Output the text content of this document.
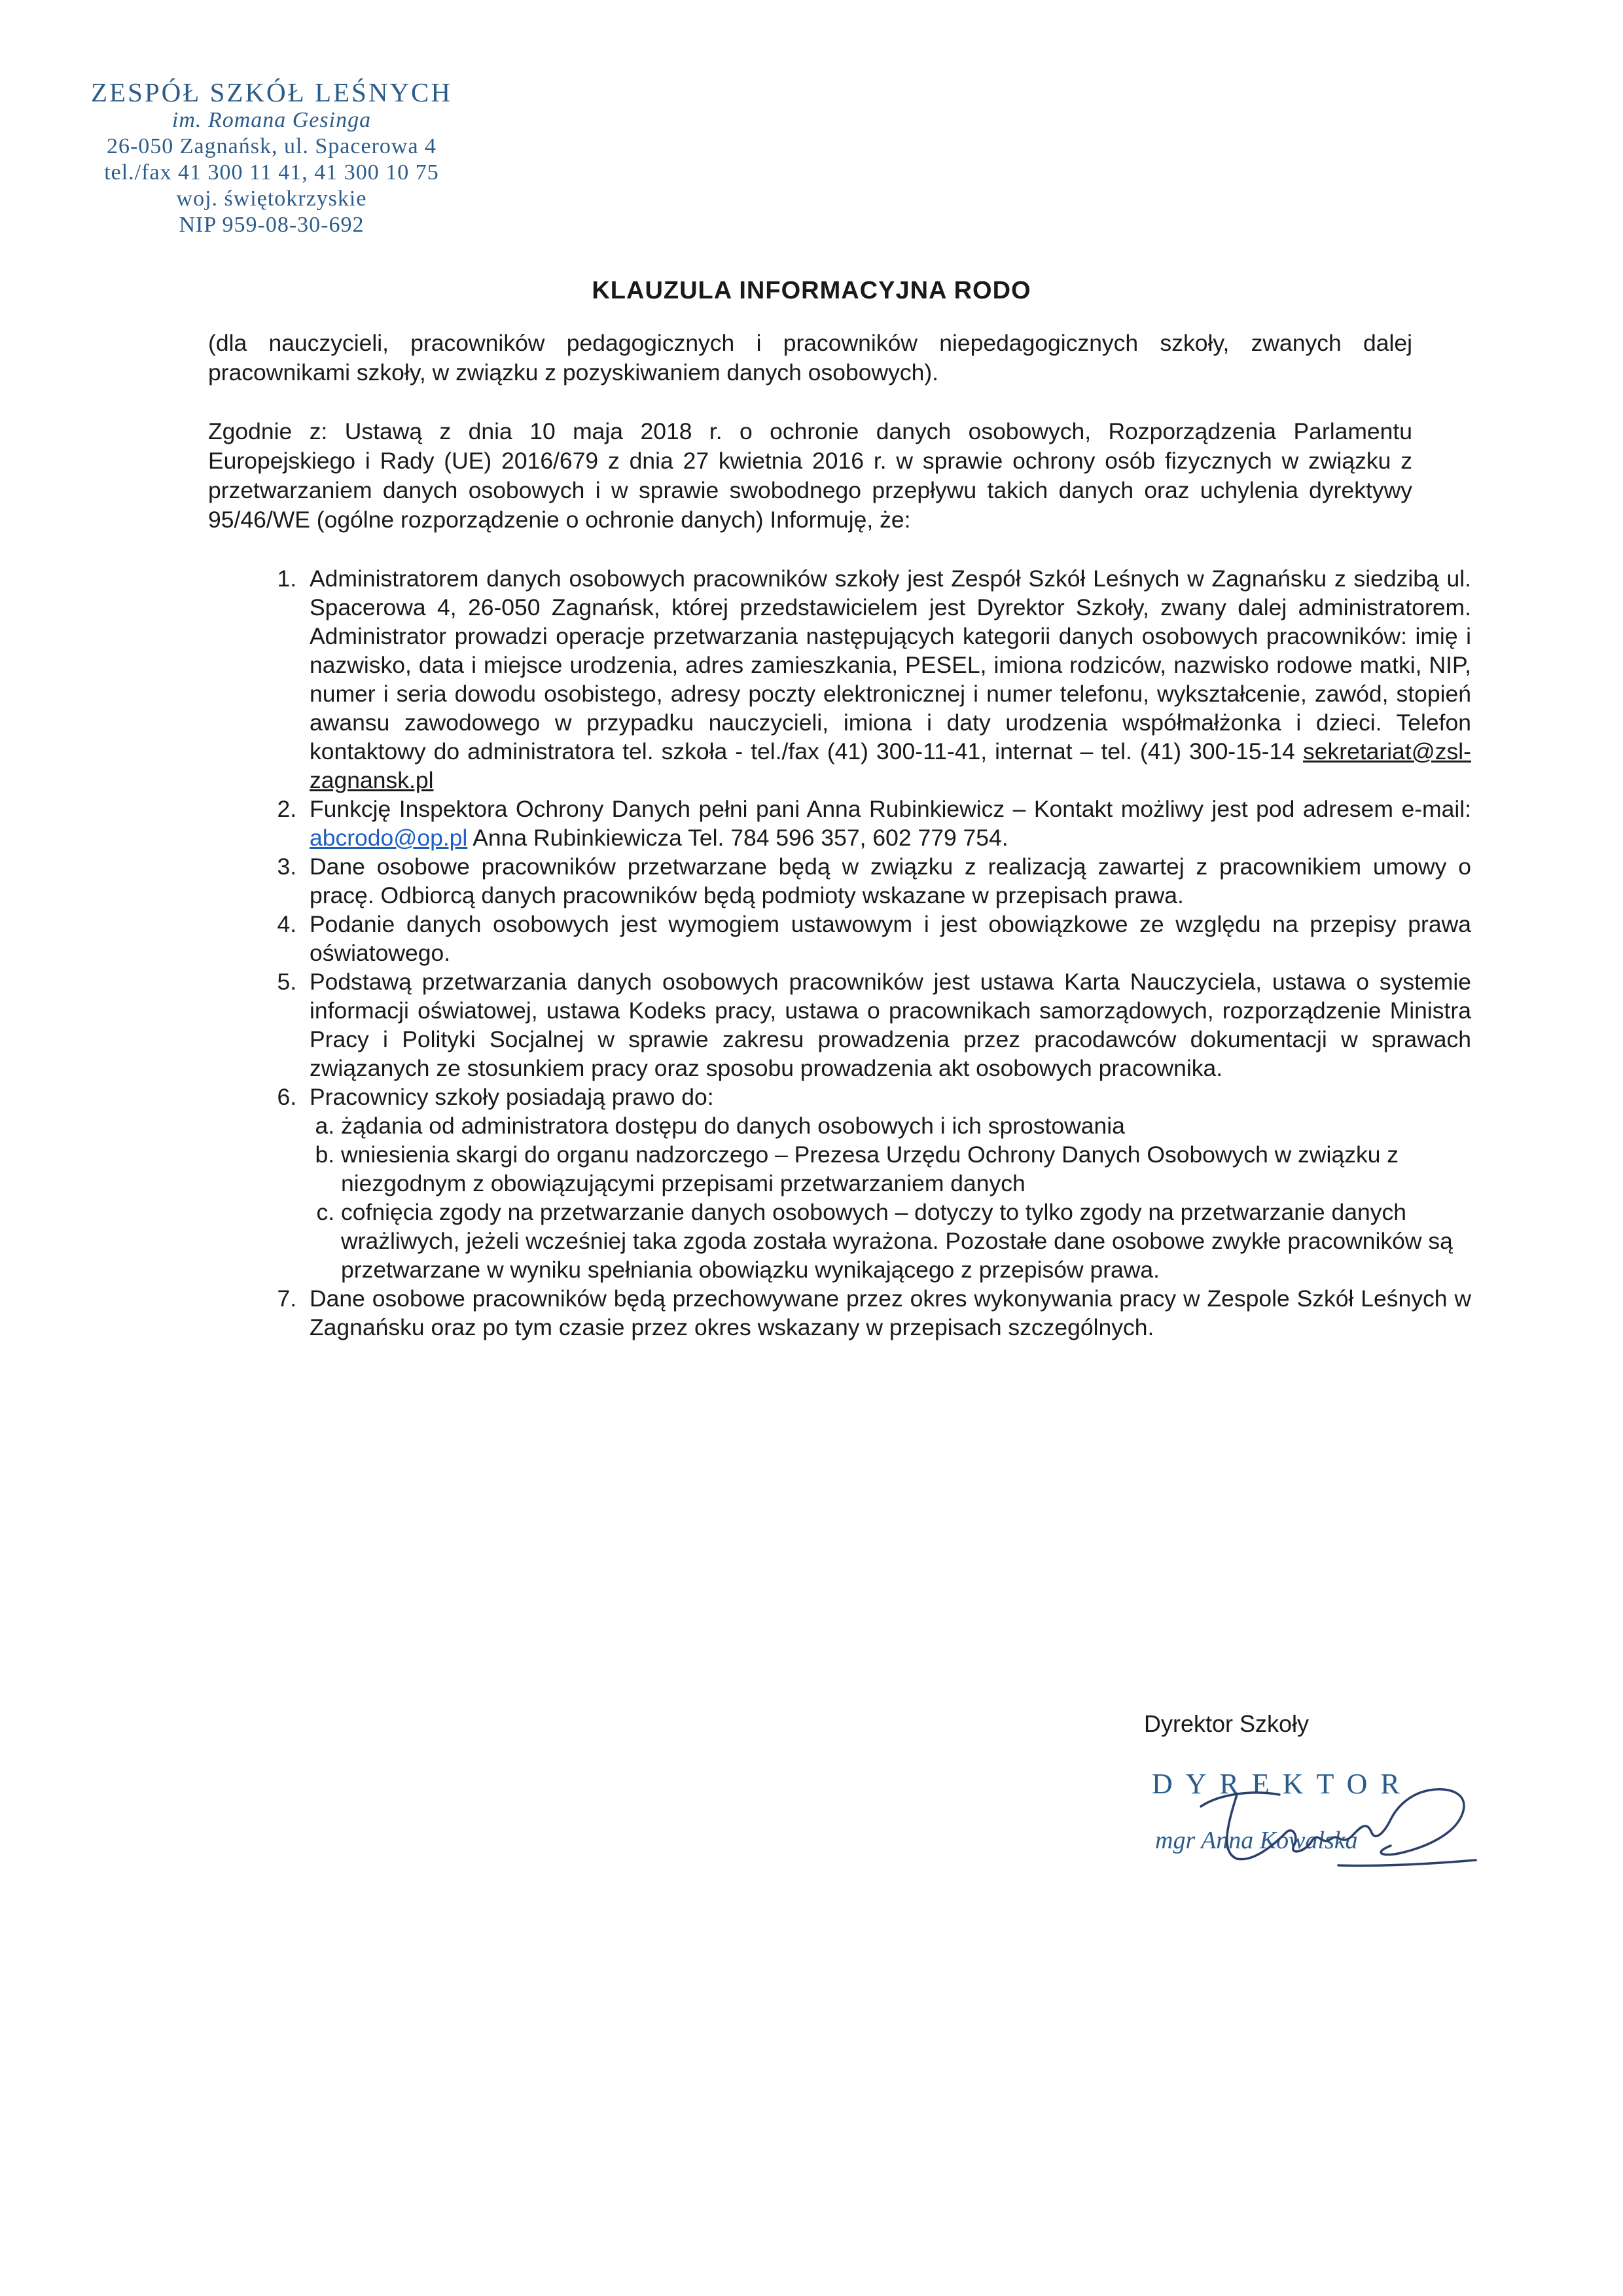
ZESPÓŁ SZKÓŁ LEŚNYCH
im. Romana Gesinga
26-050 Zagnańsk, ul. Spacerowa 4
tel./fax 41 300 11 41, 41 300 10 75
woj. świętokrzyskie
NIP 959-08-30-692
KLAUZULA INFORMACYJNA RODO
(dla nauczycieli, pracowników pedagogicznych i pracowników niepedagogicznych szkoły, zwanych dalej pracownikami szkoły, w związku z pozyskiwaniem danych osobowych).
Zgodnie z: Ustawą z dnia 10 maja 2018 r. o ochronie danych osobowych, Rozporządzenia Parlamentu Europejskiego i Rady (UE) 2016/679 z dnia 27 kwietnia 2016 r. w sprawie ochrony osób fizycznych w związku z przetwarzaniem danych osobowych i w sprawie swobodnego przepływu takich danych oraz uchylenia dyrektywy 95/46/WE (ogólne rozporządzenie o ochronie danych) Informuję, że:
1. Administratorem danych osobowych pracowników szkoły jest Zespół Szkół Leśnych w Zagnańsku z siedzibą ul. Spacerowa 4, 26-050 Zagnańsk, której przedstawicielem jest Dyrektor Szkoły, zwany dalej administratorem. Administrator prowadzi operacje przetwarzania następujących kategorii danych osobowych pracowników: imię i nazwisko, data i miejsce urodzenia, adres zamieszkania, PESEL, imiona rodziców, nazwisko rodowe matki, NIP, numer i seria dowodu osobistego, adresy poczty elektronicznej i numer telefonu, wykształcenie, zawód, stopień awansu zawodowego w przypadku nauczycieli, imiona i daty urodzenia współmałżonka i dzieci. Telefon kontaktowy do administratora tel. szkoła - tel./fax (41) 300-11-41, internat – tel. (41) 300-15-14 sekretariat@zsl-zagnansk.pl
2. Funkcję Inspektora Ochrony Danych pełni pani Anna Rubinkiewicz – Kontakt możliwy jest pod adresem e-mail: abcrodo@op.pl Anna Rubinkiewicza Tel. 784 596 357, 602 779 754.
3. Dane osobowe pracowników przetwarzane będą w związku z realizacją zawartej z pracownikiem umowy o pracę. Odbiorcą danych pracowników będą podmioty wskazane w przepisach prawa.
4. Podanie danych osobowych jest wymogiem ustawowym i jest obowiązkowe ze względu na przepisy prawa oświatowego.
5. Podstawą przetwarzania danych osobowych pracowników jest ustawa Karta Nauczyciela, ustawa o systemie informacji oświatowej, ustawa Kodeks pracy, ustawa o pracownikach samorządowych, rozporządzenie Ministra Pracy i Polityki Socjalnej w sprawie zakresu prowadzenia przez pracodawców dokumentacji w sprawach związanych ze stosunkiem pracy oraz sposobu prowadzenia akt osobowych pracownika.
6. Pracownicy szkoły posiadają prawo do:
a. żądania od administratora dostępu do danych osobowych i ich sprostowania
b. wniesienia skargi do organu nadzorczego – Prezesa Urzędu Ochrony Danych Osobowych w związku z niezgodnym z obowiązującymi przepisami przetwarzaniem danych
c. cofnięcia zgody na przetwarzanie danych osobowych – dotyczy to tylko zgody na przetwarzanie danych wrażliwych, jeżeli wcześniej taka zgoda została wyrażona. Pozostałe dane osobowe zwykłe pracowników są przetwarzane w wyniku spełniania obowiązku wynikającego z przepisów prawa.
7. Dane osobowe pracowników będą przechowywane przez okres wykonywania pracy w Zespole Szkół Leśnych w Zagnańsku oraz po tym czasie przez okres wskazany w przepisach szczególnych.
Dyrektor Szkoły
DYREKTOR
mgr Anna Kowalska
